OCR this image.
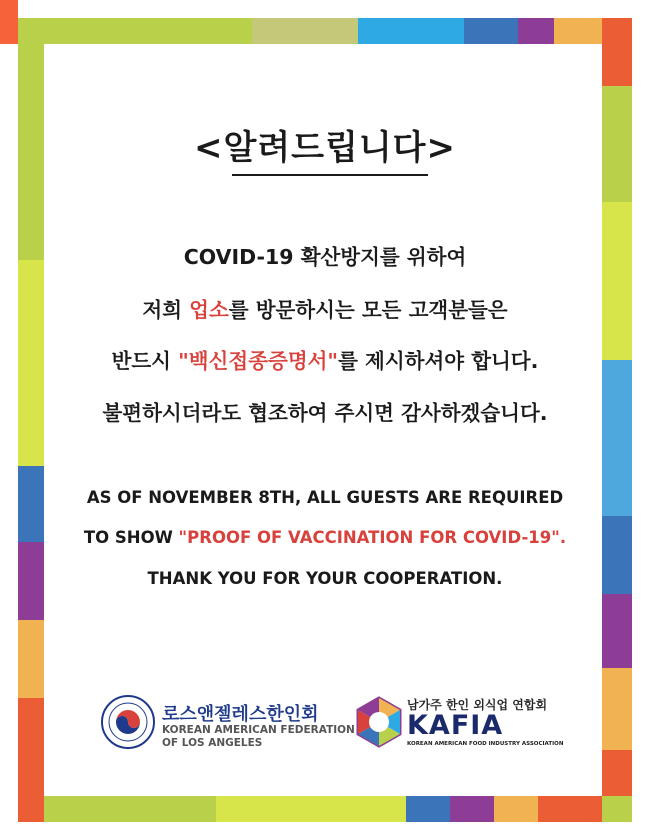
<알려드립니다>
COVID-19 확산방지를 위하여
저희 업소를 방문하시는 모든 고객분들은
반드시 "백신접종증명서"를 제시하셔야 합니다.
불편하시더라도 협조하여 주시면 감사하겠습니다.
AS OF NOVEMBER 8TH, ALL GUESTS ARE REQUIRED
TO SHOW "PROOF OF VACCINATION FOR COVID-19".
THANK YOU FOR YOUR COOPERATION.
로스앤젤레스한인회
KOREAN AMERICAN FEDERATION
OF LOS ANGELES
남가주 한인 외식업 연합회
KAFIA
KOREAN AMERICAN FOOD INDUSTRY ASSOCIATION
